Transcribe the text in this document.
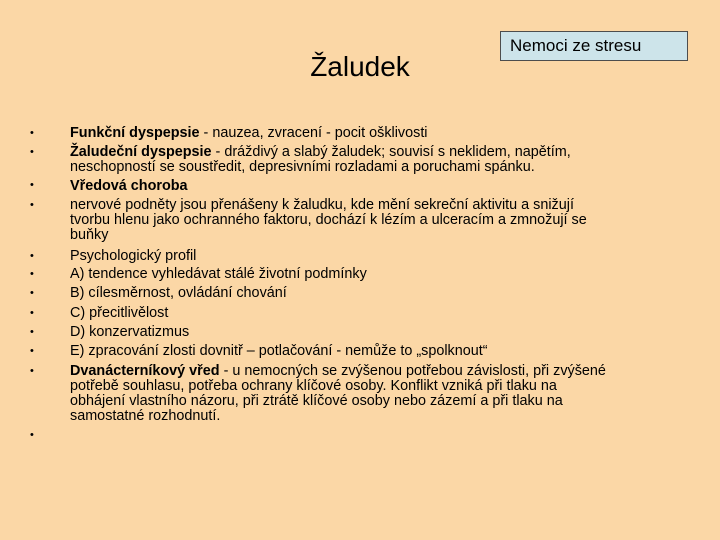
Žaludek
Nemoci ze stresu
•
•
•
•
•
•
•
•
•
•
•
•
Funkční dyspepsie - nauzea, zvracení - pocit ošklivosti
Žaludeční dyspepsie - dráždivý a slabý žaludek; souvisí s neklidem, napětím,
neschopností se soustředit, depresivními rozladami a poruchami spánku.
Vředová choroba
nervové podněty jsou přenášeny k žaludku, kde mění sekreční aktivitu a snižují
tvorbu hlenu jako ochranného faktoru, dochází k lézím a ulceracím a zmnožují se
buňky
Psychologický profil
A) tendence vyhledávat stálé životní podmínky
B) cílesměrnost, ovládání chování
C) přecitlivělost
D) konzervatizmus
E) zpracování zlosti dovnitř – potlačování - nemůže to „spolknout“
Dvanácterníkový vřed - u nemocných se zvýšenou potřebou závislosti, při zvýšené
potřebě souhlasu, potřeba ochrany klíčové osoby. Konflikt vzniká při tlaku na
obhájení vlastního názoru, při ztrátě klíčové osoby nebo zázemí a při tlaku na
samostatné rozhodnutí.
